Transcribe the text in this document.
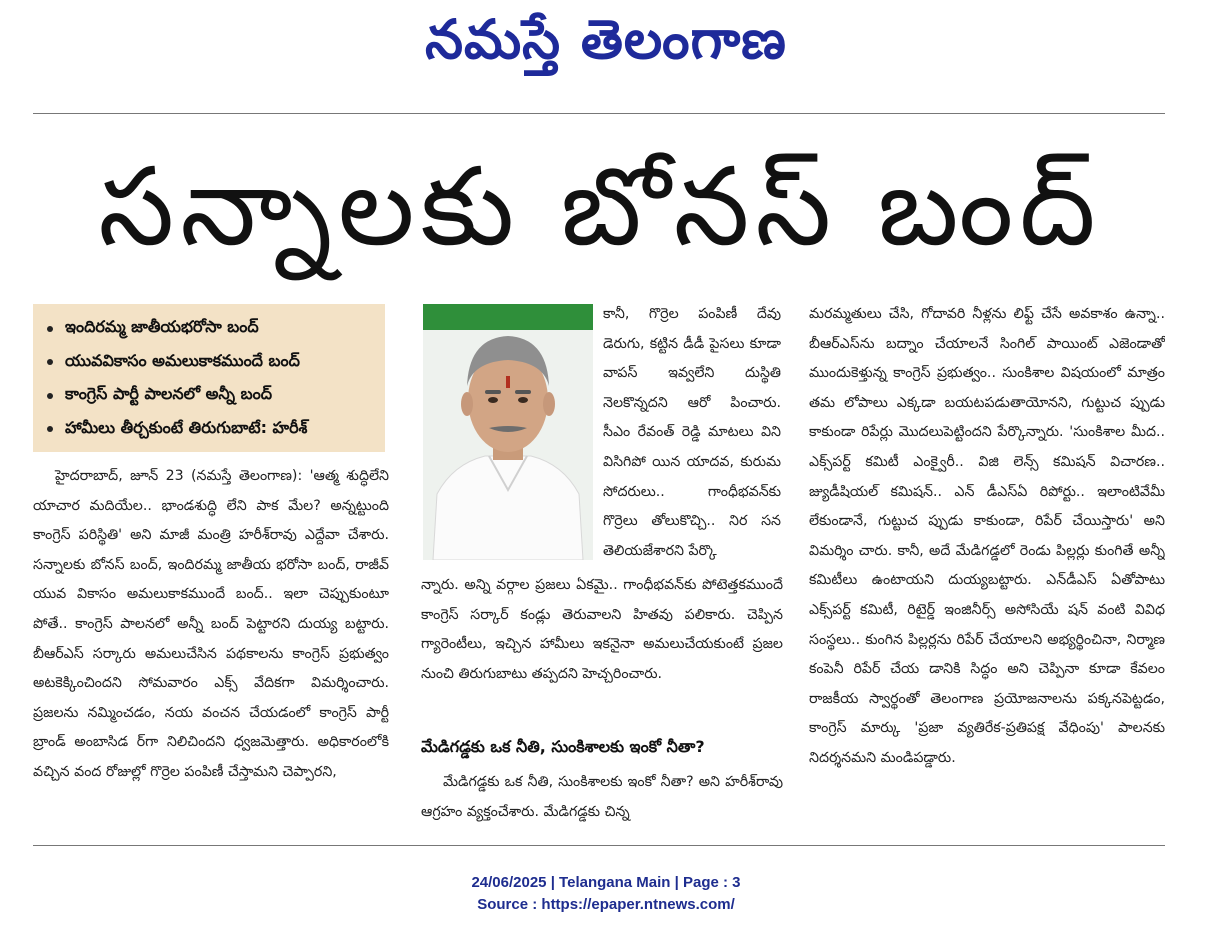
నమస్తే తెలంగాణ
సన్నాలకు బోనస్ బంద్
ఇందిరమ్మ జాతీయభరోసా బంద్
యువవికాసం అమలుకాకముందే బంద్
కాంగ్రెస్ పార్టీ పాలనలో అన్నీ బంద్
హామీలు తీర్చకుంటే తిరుగుబాటే: హరీశ్

హైదరాబాద్, జూన్ 23 (నమస్తే తెలంగాణ): 'ఆత్మ శుద్ధిలేని యాచార మదియేల.. భాండశుద్ధి లేని పాక మేల? అన్నట్టుంది కాంగ్రెస్ పరిస్థితి' అని మాజీ మంత్రి హరీశ్‌రావు ఎద్దేవా చేశారు. సన్నాలకు బోనస్ బంద్, ఇందిరమ్మ జాతీయ భరోసా బంద్, రాజీవ్ యువ వికాసం అమలుకాకముందే బంద్.. ఇలా చెప్పుకుంటూ పోతే.. కాంగ్రెస్ పాలనలో అన్నీ బంద్ పెట్టారని దుయ్య బట్టారు. బీఆర్‌ఎస్ సర్కారు అమలుచేసిన పథకాలను కాంగ్రెస్ ప్రభుత్వం అటకెక్కించిందని సోమవారం ఎక్స్ వేదికగా విమర్శించారు. ప్రజలను నమ్మించడం, నయ వంచన చేయడంలో కాంగ్రెస్ పార్టీ బ్రాండ్ అంబాసిడ ర్‌గా నిలిచిందని ధ్వజమెత్తారు. అధికారంలోకి వచ్చిన వంద రోజుల్లో గొర్రెల పంపిణీ చేస్తామని చెప్పారని,

కానీ, గొర్రెల పంపిణీ దేవు డెరుగు, కట్టిన డీడీ పైసలు కూడా వాపస్ ఇవ్వలేని దుస్థితి నెలకొన్నదని ఆరో పించారు. సీఎం రేవంత్ రెడ్డి మాటలు విని విసిగిపో యిన యాదవ, కురుమ సోదరులు.. గాంధీభవన్‌కు గొర్రెలు తోలుకొచ్చి.. నిర సన తెలియజేశారని పేర్కొ

న్నారు. అన్ని వర్గాల ప్రజలు ఏకమై.. గాంధీభవన్‌కు పోటెత్తకముందే కాంగ్రెస్ సర్కార్ కండ్లు తెరువాలని హితవు పలికారు. చెప్పిన గ్యారెంటీలు, ఇచ్చిన హామీలు ఇకనైనా అమలుచేయకుంటే ప్రజల నుంచి తిరుగుబాటు తప్పదని హెచ్చరించారు.

మేడిగడ్డకు ఒక నీతి, సుంకిశాలకు ఇంకో నీతా?

మేడిగడ్డకు ఒక నీతి, సుంకిశాలకు ఇంకో నీతా? అని హరీశ్‌రావు ఆగ్రహం వ్యక్తంచేశారు. మేడిగడ్డకు చిన్న

మరమ్మతులు చేసి, గోదావరి నీళ్లను లిఫ్ట్ చేసే అవకాశం ఉన్నా.. బీఆర్‌ఎస్‌ను బద్నాం చేయాలనే సింగిల్ పాయింట్ ఎజెండాతో ముందుకెళ్తున్న కాంగ్రెస్ ప్రభుత్వం.. సుంకిశాల విషయంలో మాత్రం తమ లోపాలు ఎక్కడా బయటపడుతాయోనని, గుట్టుచ ప్పుడు కాకుండా రిపేర్లు మొదలుపెట్టిందని పేర్కొన్నారు. 'సుంకిశాల మీద.. ఎక్స్‌పర్ట్ కమిటీ ఎంక్వైరీ.. విజి లెన్స్ కమిషన్ విచారణ.. జ్యుడీషియల్ కమిషన్.. ఎన్ డీఎస్ఏ రిపోర్టు.. ఇలాంటివేమీ లేకుండానే, గుట్టుచ ప్పుడు కాకుండా, రిపేర్ చేయిస్తారు' అని విమర్శిం చారు. కానీ, అదే మేడిగడ్డలో రెండు పిల్లర్లు కుంగితే అన్నీ కమిటీలు ఉంటాయని దుయ్యబట్టారు. ఎన్‌డీఎస్ ఏతోపాటు ఎక్స్‌పర్ట్ కమిటీ, రిటైర్డ్ ఇంజినీర్స్ అసోసియే షన్ వంటి వివిధ సంస్థలు.. కుంగిన పిల్లర్లను రిపేర్ చేయాలని అభ్యర్థించినా, నిర్మాణ కంపెనీ రిపేర్ చేయ డానికి సిద్ధం అని చెప్పినా కూడా కేవలం రాజకీయ స్వార్థంతో తెలంగాణ ప్రయోజనాలను పక్కనపెట్టడం, కాంగ్రెస్ మార్కు 'ప్రజా వ్యతిరేక-ప్రతిపక్ష వేధింపు' పాలనకు నిదర్శనమని మండిపడ్డారు.

24/06/2025 | Telangana Main | Page : 3
Source : https://epaper.ntnews.com/
